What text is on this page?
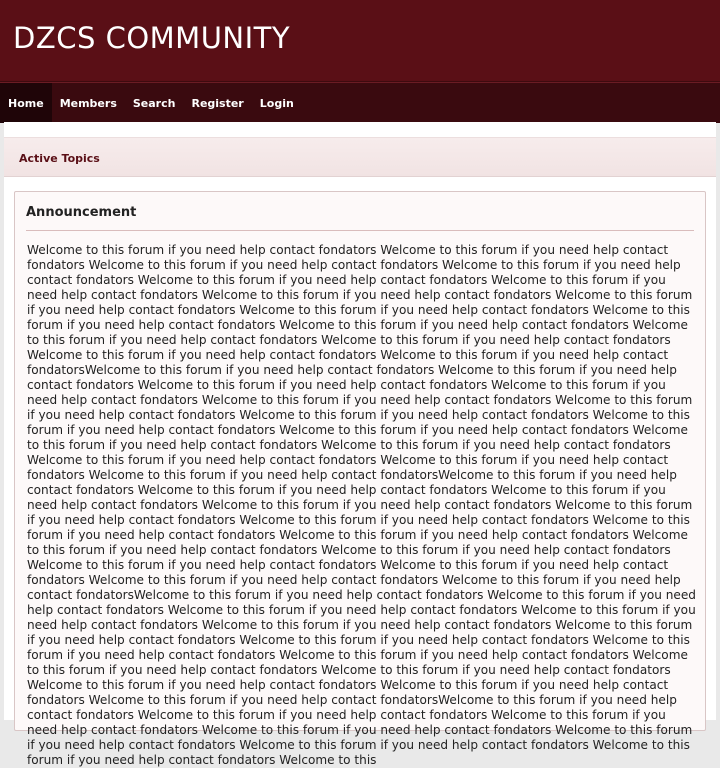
DZCS COMMUNITY
Home	Members	Search	Register	Login
Active Topics
Announcement

Welcome to this forum if you need help contact fondators Welcome to this forum if you need help contact fondators Welcome to this forum if you need help contact fondators Welcome to this forum if you need help contact fondators Welcome to this forum if you need help contact fondators Welcome to this forum if you need help contact fondators Welcome to this forum if you need help contact fondators Welcome to this forum if you need help contact fondators Welcome to this forum if you need help contact fondators Welcome to this forum if you need help contact fondators Welcome to this forum if you need help contact fondators Welcome to this forum if you need help contact fondators Welcome to this forum if you need help contact fondators Welcome to this forum if you need help contact fondators Welcome to this forum if you need help contact fondatorsWelcome to this forum if you need help contact fondators Welcome to this forum if you need help contact fondators Welcome to this forum if you need help contact fondators Welcome to this forum if you need help contact fondators Welcome to this forum if you need help contact fondators Welcome to this forum if you need help contact fondators Welcome to this forum if you need help contact fondators Welcome to this forum if you need help contact fondators Welcome to this forum if you need help contact fondators Welcome to this forum if you need help contact fondators Welcome to this forum if you need help contact fondators Welcome to this forum if you need help contact fondators Welcome to this forum if you need help contact fondators Welcome to this forum if you need help contact fondatorsWelcome to this forum if you need help contact fondators Welcome to this forum if you need help contact fondators Welcome to this forum if you need help contact fondators Welcome to this forum if you need help contact fondators Welcome to this forum if you need help contact fondators Welcome to this forum if you need help contact fondators Welcome to this forum if you need help contact fondators Welcome to this forum if you need help contact fondators Welcome to this forum if you need help contact fondators Welcome to this forum if you need help contact fondators Welcome to this forum if you need help contact fondators Welcome to this forum if you need help contact fondators Welcome to this forum if you need help contact fondators Welcome to this forum if you need help contact fondatorsWelcome to this forum if you need help contact fondators Welcome to this forum if you need help contact fondators Welcome to this forum if you need help contact fondators Welcome to this forum if you need help contact fondators Welcome to this forum if you need help contact fondators Welcome to this forum if you need help contact fondators Welcome to this forum if you need help contact fondators Welcome to this forum if you need help contact fondators Welcome to this forum if you need help contact fondators Welcome to this forum if you need help contact fondators Welcome to this forum if you need help contact fondators Welcome to this forum if you need help contact fondators Welcome to this forum if you need help contact fondators Welcome to this forum if you need help contact fondatorsWelcome to this forum if you need help contact fondators Welcome to this forum if you need help contact fondators Welcome to this forum if you need help contact fondators Welcome to this forum if you need help contact fondators Welcome to this forum if you need help contact fondators Welcome to this forum if you need help contact fondators Welcome to this forum if you need help contact fondators Welcome to this
